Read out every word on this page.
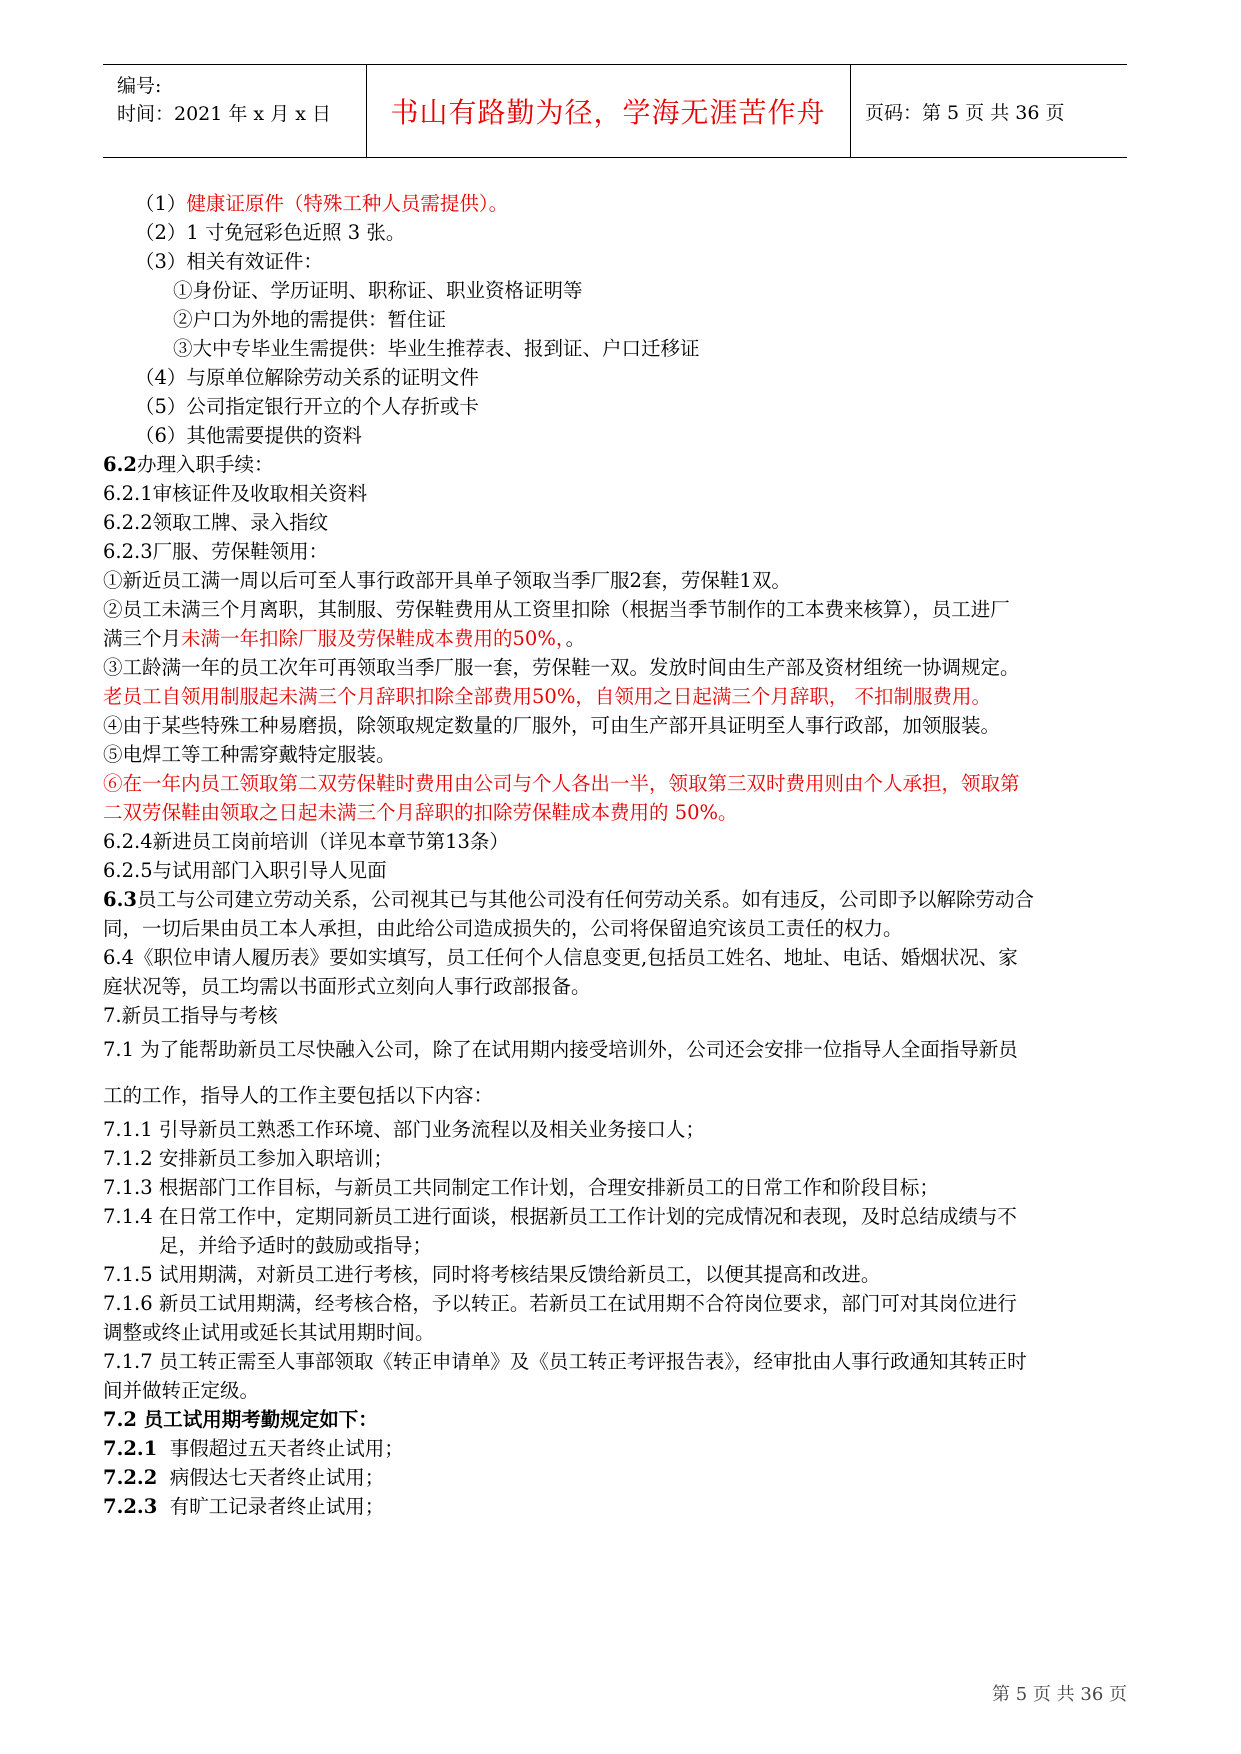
编号:
时间：2021 年 x 月 x 日 书山有路勤为径，学海无涯苦作舟 页码：第 5 页 共 36 页
（1）健康证原件（特殊工种人员需提供）。
（2）1 寸免冠彩色近照 3 张。
（3）相关有效证件：
①身份证、学历证明、职称证、职业资格证明等
②户口为外地的需提供：暂住证
③大中专毕业生需提供：毕业生推荐表、报到证、户口迁移证
（4）与原单位解除劳动关系的证明文件
（5）公司指定银行开立的个人存折或卡
（6）其他需要提供的资料
6.2办理入职手续：
6.2.1审核证件及收取相关资料
6.2.2领取工牌、录入指纹
6.2.3厂服、劳保鞋领用：
①新近员工满一周以后可至人事行政部开具单子领取当季厂服2套，劳保鞋1双。
②员工未满三个月离职，其制服、劳保鞋费用从工资里扣除（根据当季节制作的工本费来核算），员工进厂
满三个月未满一年扣除厂服及劳保鞋成本费用的50%，。
③工龄满一年的员工次年可再领取当季厂服一套，劳保鞋一双。发放时间由生产部及资材组统一协调规定。
老员工自领用制服起未满三个月辞职扣除全部费用50%，自领用之日起满三个月辞职， 不扣制服费用。
④由于某些特殊工种易磨损，除领取规定数量的厂服外，可由生产部开具证明至人事行政部，加领服装。
⑤电焊工等工种需穿戴特定服装。
⑥在一年内员工领取第二双劳保鞋时费用由公司与个人各出一半，领取第三双时费用则由个人承担，领取第
二双劳保鞋由领取之日起未满三个月辞职的扣除劳保鞋成本费用的 50%。
6.2.4新进员工岗前培训（详见本章节第13条）
6.2.5与试用部门入职引导人见面
6.3员工与公司建立劳动关系，公司视其已与其他公司没有任何劳动关系。如有违反，公司即予以解除劳动合
同，一切后果由员工本人承担，由此给公司造成损失的，公司将保留追究该员工责任的权力。
6.4《职位申请人履历表》要如实填写，员工任何个人信息变更,包括员工姓名、地址、电话、婚烟状况、家
庭状况等，员工均需以书面形式立刻向人事行政部报备。
7.新员工指导与考核
7.1 为了能帮助新员工尽快融入公司，除了在试用期内接受培训外，公司还会安排一位指导人全面指导新员
工的工作，指导人的工作主要包括以下内容：
7.1.1 引导新员工熟悉工作环境、部门业务流程以及相关业务接口人；
7.1.2 安排新员工参加入职培训；
7.1.3 根据部门工作目标，与新员工共同制定工作计划，合理安排新员工的日常工作和阶段目标；
7.1.4 在日常工作中，定期同新员工进行面谈，根据新员工工作计划的完成情况和表现，及时总结成绩与不
足，并给予适时的鼓励或指导；
7.1.5 试用期满，对新员工进行考核，同时将考核结果反馈给新员工，以便其提高和改进。
7.1.6 新员工试用期满，经考核合格，予以转正。若新员工在试用期不合符岗位要求，部门可对其岗位进行
调整或终止试用或延长其试用期时间。
7.1.7 员工转正需至人事部领取《转正申请单》及《员工转正考评报告表》，经审批由人事行政通知其转正时
间并做转正定级。
7.2 员工试用期考勤规定如下：
7.2.1 事假超过五天者终止试用；
7.2.2 病假达七天者终止试用；
7.2.3 有旷工记录者终止试用；
第 5 页 共 36 页
